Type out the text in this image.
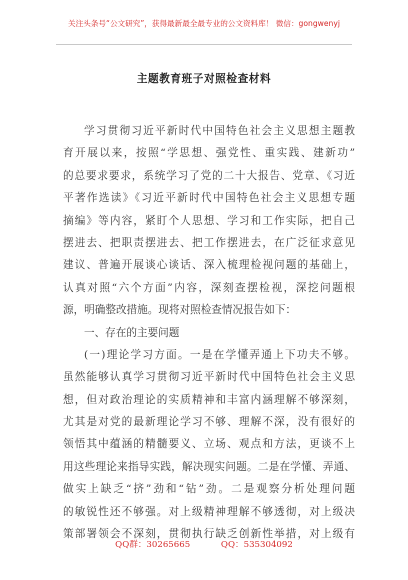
关注头条号“公文研究”，获得最新最全最专业的公文资料库！ 微信：gongwenyj
主题教育班子对照检查材料
学习贯彻习近平新时代中国特色社会主义思想主题教
育开展以来，按照“学思想、强党性、重实践、建新功”
的总要求要求，系统学习了党的二十大报告、党章、《习近
平著作选读》《习近平新时代中国特色社会主义思想专题
摘编》等内容，紧盯个人思想、学习和工作实际，把自己
摆进去、把职责摆进去、把工作摆进去，在广泛征求意见
建议、普遍开展谈心谈话、深入梳理检视问题的基础上，
认真对照“六个方面”内容，深刻查摆检视，深挖问题根
源，明确整改措施。现将对照检查情况报告如下：
一、存在的主要问题
(一)理论学习方面。一是在学懂弄通上下功夫不够。
虽然能够认真学习贯彻习近平新时代中国特色社会主义思
想，但对政治理论的实质精神和丰富内涵理解不够深刻，
尤其是对党的最新理论学习不够、理解不深，没有很好的
领悟其中蕴涵的精髓要义、立场、观点和方法，更谈不上
用这些理论来指导实践，解决现实问题。二是在学懂、弄通、
做实上缺乏“挤”劲和“钻”劲。二是观察分析处理问题
的敏锐性还不够强。对上级精神理解不够透彻，对上级决
策部署领会不深刻，贯彻执行缺乏创新性举措，对上级有
QQ群：30265665	QQ：535304092
